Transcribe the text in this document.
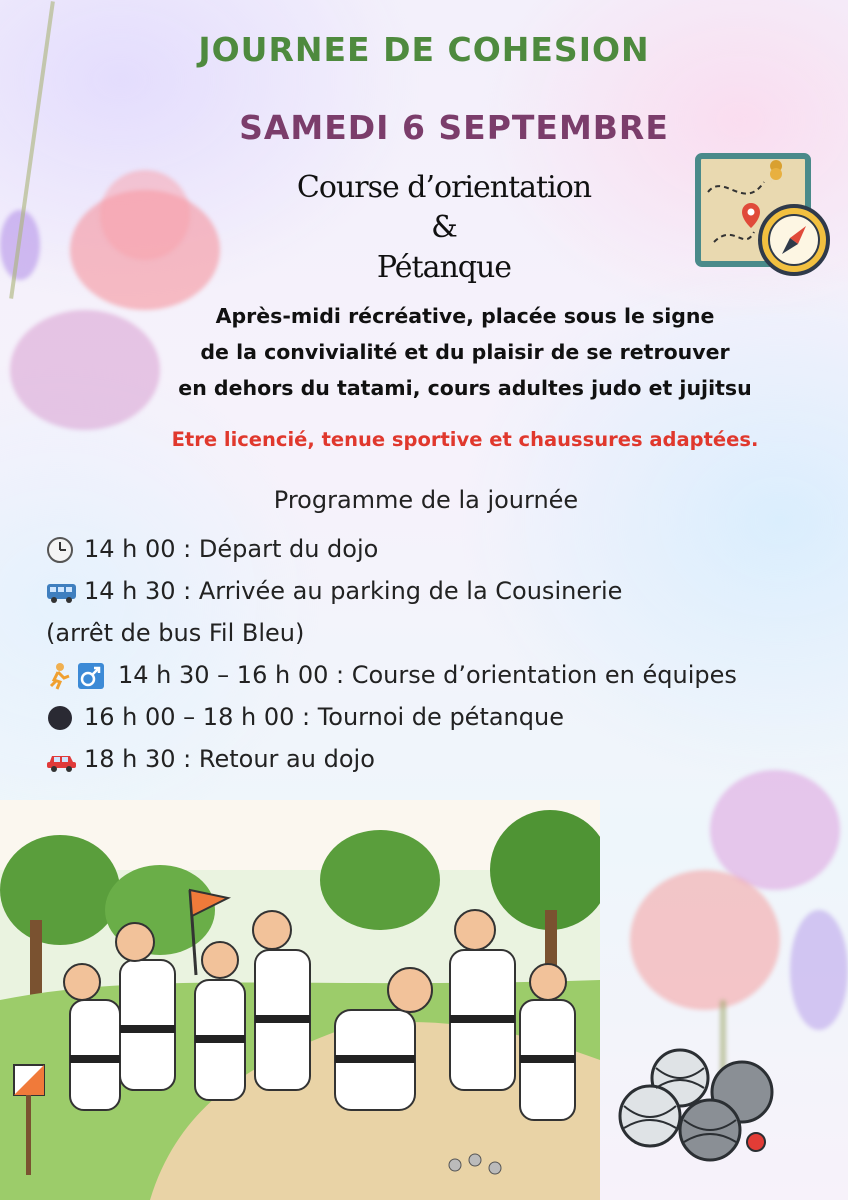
JOURNEE DE COHESION
SAMEDI 6 SEPTEMBRE
Course d’orientation
&
Pétanque
Après-midi récréative, placée sous le signe
de la convivialité et du plaisir de se retrouver
en dehors du tatami, cours adultes judo et jujitsu
Etre licencié, tenue sportive et chaussures adaptées.
Programme de la journée
14 h 00 : Départ du dojo
14 h 30 : Arrivée au parking de la Cousinerie
(arrêt de bus Fil Bleu)
14 h 30 – 16 h 00 : Course d’orientation en équipes
16 h 00 – 18 h 00 : Tournoi de pétanque
18 h 30 : Retour au dojo
